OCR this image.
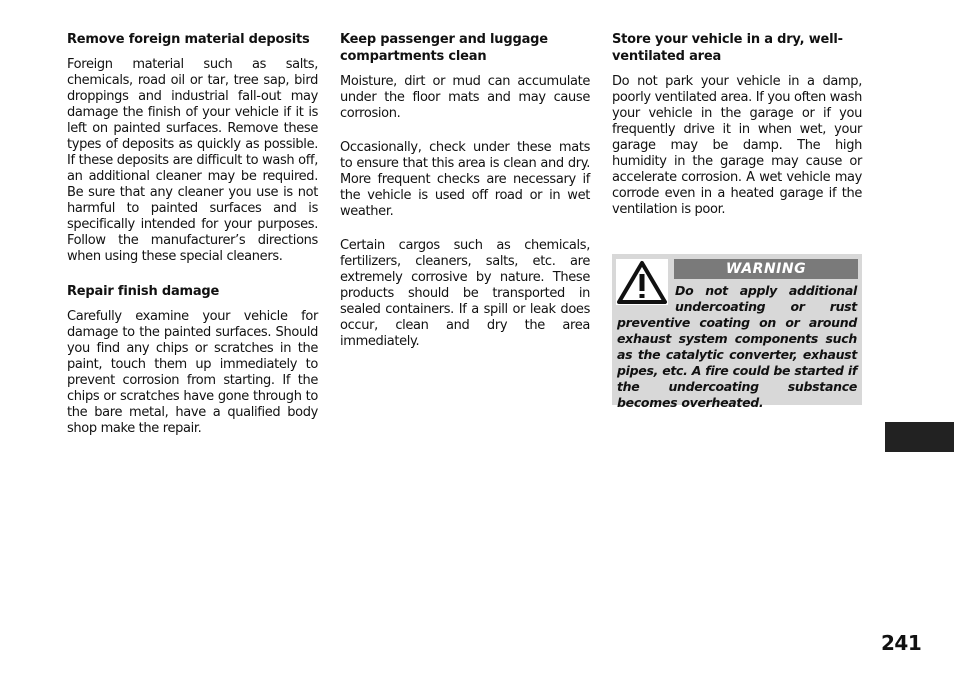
Remove foreign material deposits

Foreign material such as salts, chemicals, road oil or tar, tree sap, bird droppings and industrial fall-out may damage the finish of your vehicle if it is left on painted surfaces. Remove these types of deposits as quickly as possible. If these deposits are difficult to wash off, an additional cleaner may be required. Be sure that any cleaner you use is not harmful to painted surfaces and is specifically intended for your purposes. Follow the manufacturer’s directions when using these special cleaners.

Repair finish damage

Carefully examine your vehicle for damage to the painted surfaces. Should you find any chips or scratches in the paint, touch them up immediately to prevent corrosion from starting. If the chips or scratches have gone through to the bare metal, have a qualified body shop make the repair.

Keep passenger and luggage compartments clean

Moisture, dirt or mud can accumulate under the floor mats and may cause corrosion.

Occasionally, check under these mats to ensure that this area is clean and dry. More frequent checks are necessary if the vehicle is used off road or in wet weather.

Certain cargos such as chemicals, fertilizers, cleaners, salts, etc. are extremely corrosive by nature. These products should be transported in sealed containers. If a spill or leak does occur, clean and dry the area immediately.

Store your vehicle in a dry, well- ventilated area

Do not park your vehicle in a damp, poorly ventilated area. If you often wash your vehicle in the garage or if you frequently drive it in when wet, your garage may be damp. The high humidity in the garage may cause or accelerate corrosion. A wet vehicle may corrode even in a heated garage if the ventilation is poor.

WARNING
Do not apply additional undercoating or rust preventive coating on or around exhaust system components such as the catalytic converter, exhaust pipes, etc. A fire could be started if the undercoating substance becomes overheated.
241
